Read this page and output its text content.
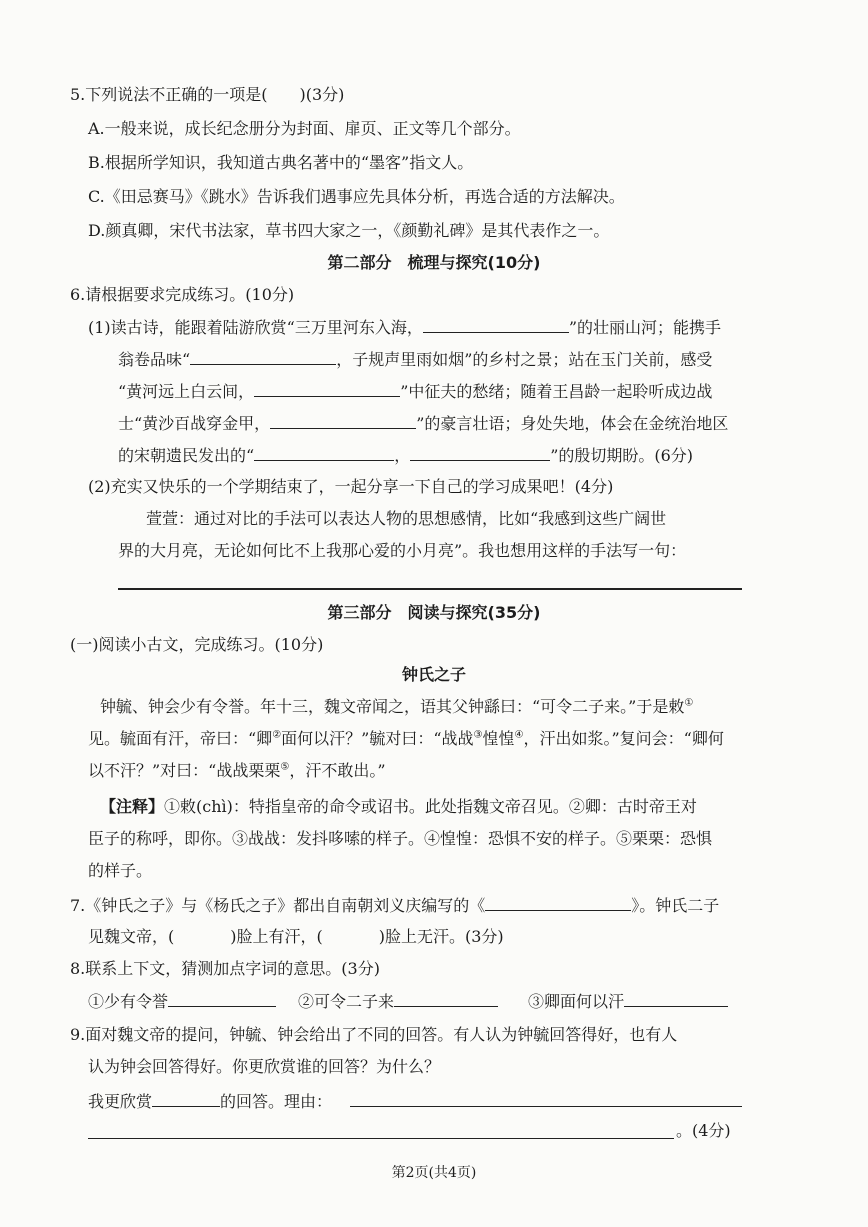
5.下列说法不正确的一项是(　　)(3分)
A.一般来说，成长纪念册分为封面、扉页、正文等几个部分。
B.根据所学知识，我知道古典名著中的“墨客”指文人。
C.《田忌赛马》《跳水》告诉我们遇事应先具体分析，再选合适的方法解决。
D.颜真卿，宋代书法家，草书四大家之一，《颜勤礼碑》是其代表作之一。
第二部分　梳理与探究(10分)
6.请根据要求完成练习。(10分)
(1)读古诗，能跟着陆游欣赏“三万里河东入海，	”的壮丽山河；能携手
翁卷品味“	，子规声里雨如烟”的乡村之景；站在玉门关前，感受
“黄河远上白云间，	”中征夫的愁绪；随着王昌龄一起聆听成边战
士“黄沙百战穿金甲，	”的豪言壮语；身处失地，体会在金统治地区
的宋朝遗民发出的“	，	”的殷切期盼。(6分)
(2)充实又快乐的一个学期结束了，一起分享一下自己的学习成果吧！(4分)
萱萱：通过对比的手法可以表达人物的思想感情，比如“我感到这些广阔世
界的大月亮，无论如何比不上我那心爱的小月亮”。我也想用这样的手法写一句：
第三部分　阅读与探究(35分)
(一)阅读小古文，完成练习。(10分)
钟氏之子
钟毓、钟会少有令誉。年十三，魏文帝闻之，语其父钟繇曰：“可令二子来。”于是敕①
见。毓面有汗，帝曰：“卿②面何以汗？”毓对曰：“战战③惶惶④，汗出如浆。”复问会：“卿何
以不汗？”对曰：“战战栗栗⑤，汗不敢出。”
【注释】①敕(chì)：特指皇帝的命令或诏书。此处指魏文帝召见。②卿：古时帝王对
臣子的称呼，即你。③战战：发抖哆嗦的样子。④惶惶：恐惧不安的样子。⑤栗栗：恐惧
的样子。
7.《钟氏之子》与《杨氏之子》都出自南朝刘义庆编写的《	》。钟氏二子
见魏文帝，(	)脸上有汗，(	)脸上无汗。(3分)
8.联系上下文，猜测加点字词的意思。(3分)
①少有令誉	②可令二子来	③卿面何以汗
9.面对魏文帝的提问，钟毓、钟会给出了不同的回答。有人认为钟毓回答得好，也有人
认为钟会回答得好。你更欣赏谁的回答？为什么？
我更欣赏	的回答。理由：
。(4分)
第2页(共4页)
